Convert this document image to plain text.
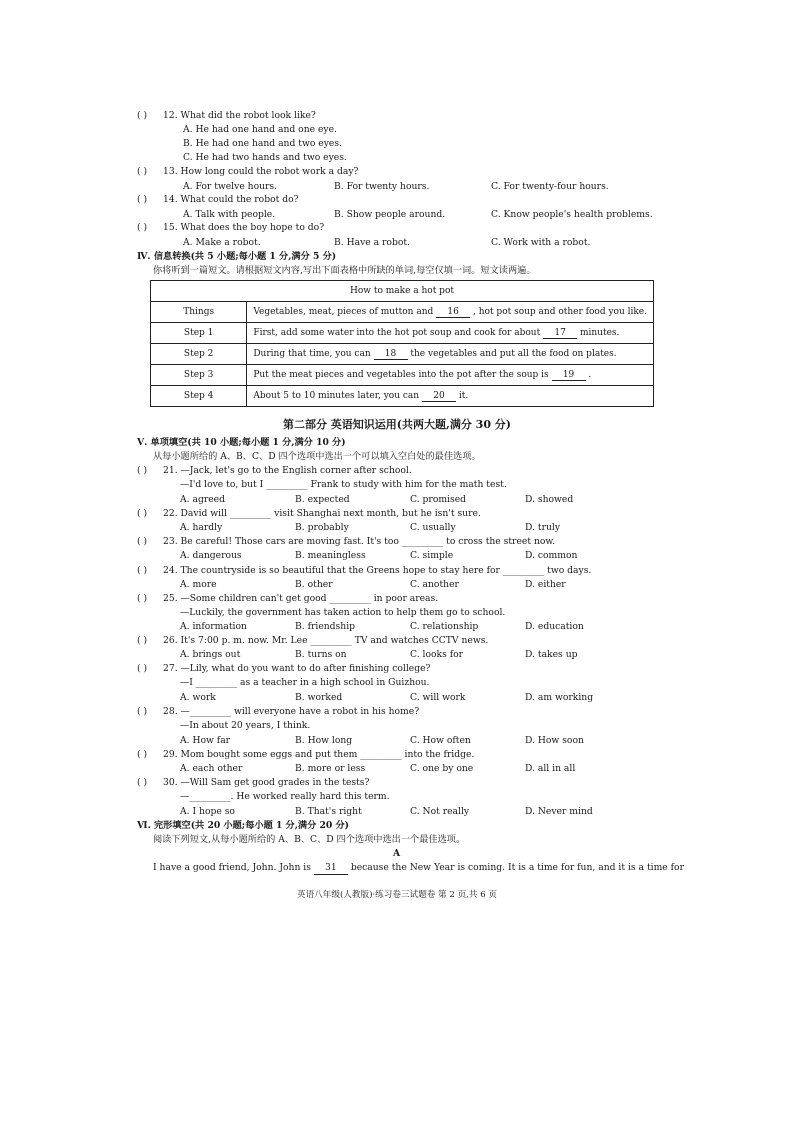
( ) 12. What did the robot look like?
A. He had one hand and one eye.
B. He had one hand and two eyes.
C. He had two hands and two eyes.
( ) 13. How long could the robot work a day?
A. For twelve hours.	B. For twenty hours.	C. For twenty-four hours.
( ) 14. What could the robot do?
A. Talk with people.	B. Show people around.	C. Know people's health problems.
( ) 15. What does the boy hope to do?
A. Make a robot.	B. Have a robot.	C. Work with a robot.
Ⅳ. 信息转换(共 5 小题;每小题 1 分,满分 5 分)
你将听到一篇短文。请根据短文内容,写出下面表格中所缺的单词,每空仅填一词。短文读两遍。
How to make a hot pot	
Things	Vegetables, meat, pieces of mutton and 16 , hot pot soup and other food you like.
Step 1	First, add some water into the hot pot soup and cook for about 17 minutes.
Step 2	During that time, you can 18 the vegetables and put all the food on plates.
Step 3	Put the meat pieces and vegetables into the pot after the soup is 19 .
Step 4	About 5 to 10 minutes later, you can 20 it.
第二部分 英语知识运用(共两大题,满分 30 分)
Ⅴ. 单项填空(共 10 小题;每小题 1 分,满分 10 分)
从每小题所给的 A、B、C、D 四个选项中选出一个可以填入空白处的最佳选项。
( ) 21. —Jack, let's go to the English corner after school.
—I'd love to, but I _________ Frank to study with him for the math test.
A. agreed	B. expected	C. promised	D. showed
( ) 22. David will _________ visit Shanghai next month, but he isn't sure.
A. hardly	B. probably	C. usually	D. truly
( ) 23. Be careful! Those cars are moving fast. It's too _________ to cross the street now.
A. dangerous	B. meaningless	C. simple	D. common
( ) 24. The countryside is so beautiful that the Greens hope to stay here for _________ two days.
A. more	B. other	C. another	D. either
( ) 25. —Some children can't get good _________ in poor areas.
—Luckily, the government has taken action to help them go to school.
A. information	B. friendship	C. relationship	D. education
( ) 26. It's 7:00 p. m. now. Mr. Lee _________ TV and watches CCTV news.
A. brings out	B. turns on	C. looks for	D. takes up
( ) 27. —Lily, what do you want to do after finishing college?
—I _________ as a teacher in a high school in Guizhou.
A. work	B. worked	C. will work	D. am working
( ) 28. —_________ will everyone have a robot in his home?
—In about 20 years, I think.
A. How far	B. How long	C. How often	D. How soon
( ) 29. Mom bought some eggs and put them _________ into the fridge.
A. each other	B. more or less	C. one by one	D. all in all
( ) 30. —Will Sam get good grades in the tests?
—_________. He worked really hard this term.
A. I hope so	B. That's right	C. Not really	D. Never mind
Ⅵ. 完形填空(共 20 小题;每小题 1 分,满分 20 分)
阅读下列短文,从每小题所给的 A、B、C、D 四个选项中选出一个最佳选项。
A
I have a good friend, John. John is 31 because the New Year is coming. It is a time for fun, and it is a time for
英语八年级(人教版)·练习卷三试题卷 第 2 页,共 6 页
